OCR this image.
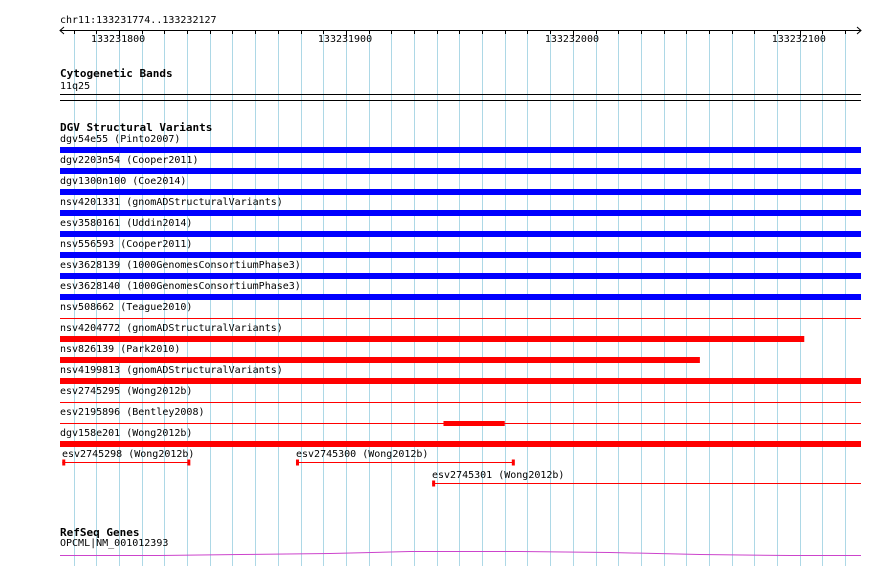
chr11:133231774..133232127
Cytogenetic Bands
11q25
DGV Structural Variants
133231800	133231900	133232000	133232100
dgv54e55 (Pinto2007)
dgv2203n54 (Cooper2011)
dgv1300n100 (Coe2014)
nsv4201331 (gnomADStructuralVariants)
esv3580161 (Uddin2014)
nsv556593 (Cooper2011)
esv3628139 (1000GenomesConsortiumPhase3)
esv3628140 (1000GenomesConsortiumPhase3)
nsv508662 (Teague2010)
nsv4204772 (gnomADStructuralVariants)
nsv826139 (Park2010)
nsv4199813 (gnomADStructuralVariants)
esv2745295 (Wong2012b)
esv2195896 (Bentley2008)
dgv158e201 (Wong2012b)
esv2745298 (Wong2012b)	esv2745300 (Wong2012b)
esv2745301 (Wong2012b)
RefSeq Genes
OPCML|NM_001012393
